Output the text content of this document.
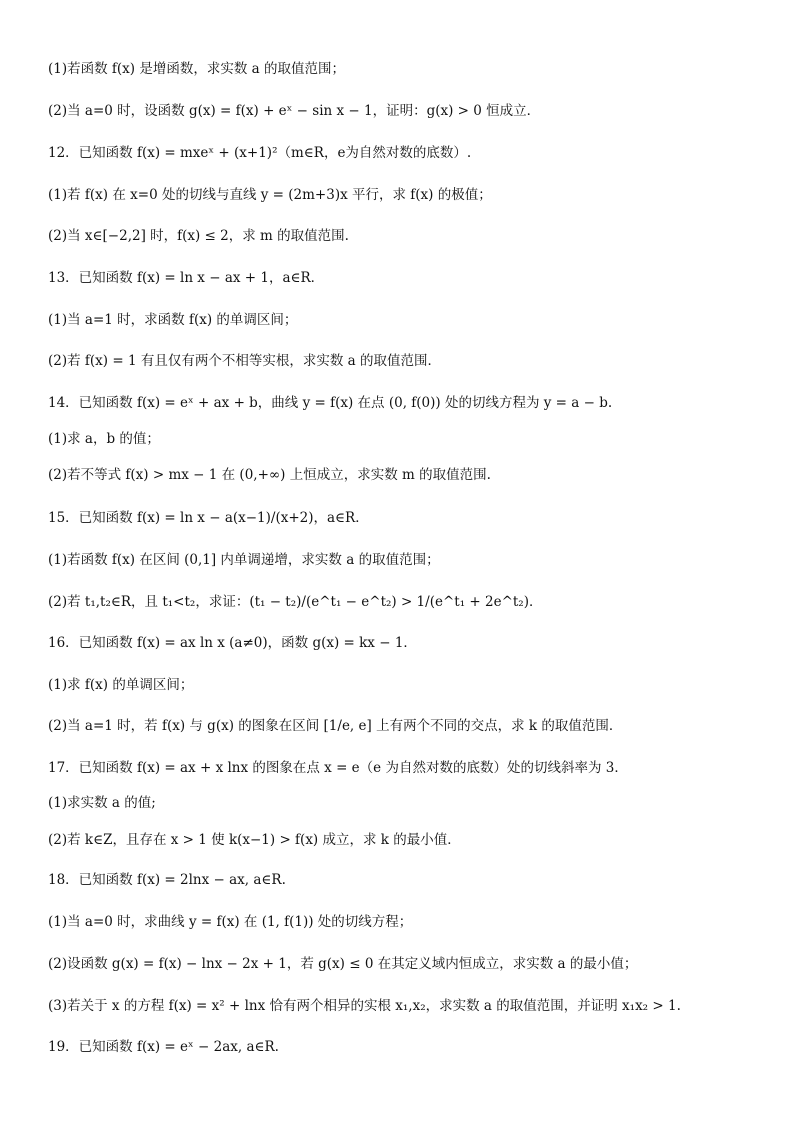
(1)若函数 f(x) 是增函数，求实数 a 的取值范围；
(2)当 a=0 时，设函数 g(x) = f(x) + eˣ − sin x − 1，证明：g(x) > 0 恒成立．
12．已知函数 f(x) = mxeˣ + (x+1)²（m∈R，e为自然对数的底数）.
(1)若 f(x) 在 x=0 处的切线与直线 y = (2m+3)x 平行，求 f(x) 的极值；
(2)当 x∈[−2,2] 时，f(x) ≤ 2，求 m 的取值范围.
13．已知函数 f(x) = ln x − ax + 1，a∈R．
(1)当 a=1 时，求函数 f(x) 的单调区间；
(2)若 f(x) = 1 有且仅有两个不相等实根，求实数 a 的取值范围．
14．已知函数 f(x) = eˣ + ax + b，曲线 y = f(x) 在点 (0, f(0)) 处的切线方程为 y = a − b.
(1)求 a，b 的值；
(2)若不等式 f(x) > mx − 1 在 (0,+∞) 上恒成立，求实数 m 的取值范围.
15．已知函数 f(x) = ln x − a(x−1)/(x+2)，a∈R．
(1)若函数 f(x) 在区间 (0,1] 内单调递增，求实数 a 的取值范围；
(2)若 t₁,t₂∈R，且 t₁<t₂，求证：(t₁ − t₂)/(e^t₁ − e^t₂) > 1/(e^t₁ + 2e^t₂)．
16．已知函数 f(x) = ax ln x (a≠0)，函数 g(x) = kx − 1．
(1)求 f(x) 的单调区间；
(2)当 a=1 时，若 f(x) 与 g(x) 的图象在区间 [1/e, e] 上有两个不同的交点，求 k 的取值范围．
17．已知函数 f(x) = ax + x lnx 的图象在点 x = e（e 为自然对数的底数）处的切线斜率为 3．
(1)求实数 a 的值;
(2)若 k∈Z，且存在 x > 1 使 k(x−1) > f(x) 成立，求 k 的最小值．
18．已知函数 f(x) = 2lnx − ax, a∈R.
(1)当 a=0 时，求曲线 y = f(x) 在 (1, f(1)) 处的切线方程；
(2)设函数 g(x) = f(x) − lnx − 2x + 1，若 g(x) ≤ 0 在其定义域内恒成立，求实数 a 的最小值；
(3)若关于 x 的方程 f(x) = x² + lnx 恰有两个相异的实根 x₁,x₂，求实数 a 的取值范围，并证明 x₁x₂ > 1.
19．已知函数 f(x) = eˣ − 2ax, a∈R.
